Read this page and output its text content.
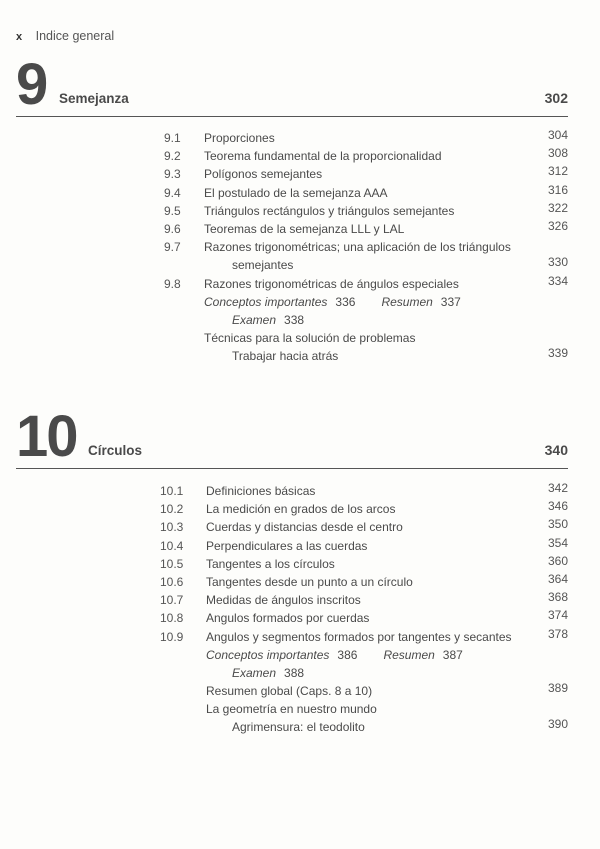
x Indice general
9 Semejanza	302
9.1 Proporciones	304
9.2 Teorema fundamental de la proporcionalidad	308
9.3 Polígonos semejantes	312
9.4 El postulado de la semejanza AAA	316
9.5 Triángulos rectángulos y triángulos semejantes	322
9.6 Teoremas de la semejanza LLL y LAL	326
9.7 Razones trigonométricas; una aplicación de los triángulos
semejantes	330
9.8 Razones trigonométricas de ángulos especiales	334
Conceptos importantes 336 Resumen 337
Examen 338
Técnicas para la solución de problemas
Trabajar hacia atrás	339
10 Círculos	340
10.1 Definiciones básicas	342
10.2 La medición en grados de los arcos	346
10.3 Cuerdas y distancias desde el centro	350
10.4 Perpendiculares a las cuerdas	354
10.5 Tangentes a los círculos	360
10.6 Tangentes desde un punto a un círculo	364
10.7 Medidas de ángulos inscritos	368
10.8 Angulos formados por cuerdas	374
10.9 Angulos y segmentos formados por tangentes y secantes	378
Conceptos importantes 386 Resumen 387
Examen 388
Resumen global (Caps. 8 a 10)	389
La geometría en nuestro mundo
Agrimensura: el teodolito	390
